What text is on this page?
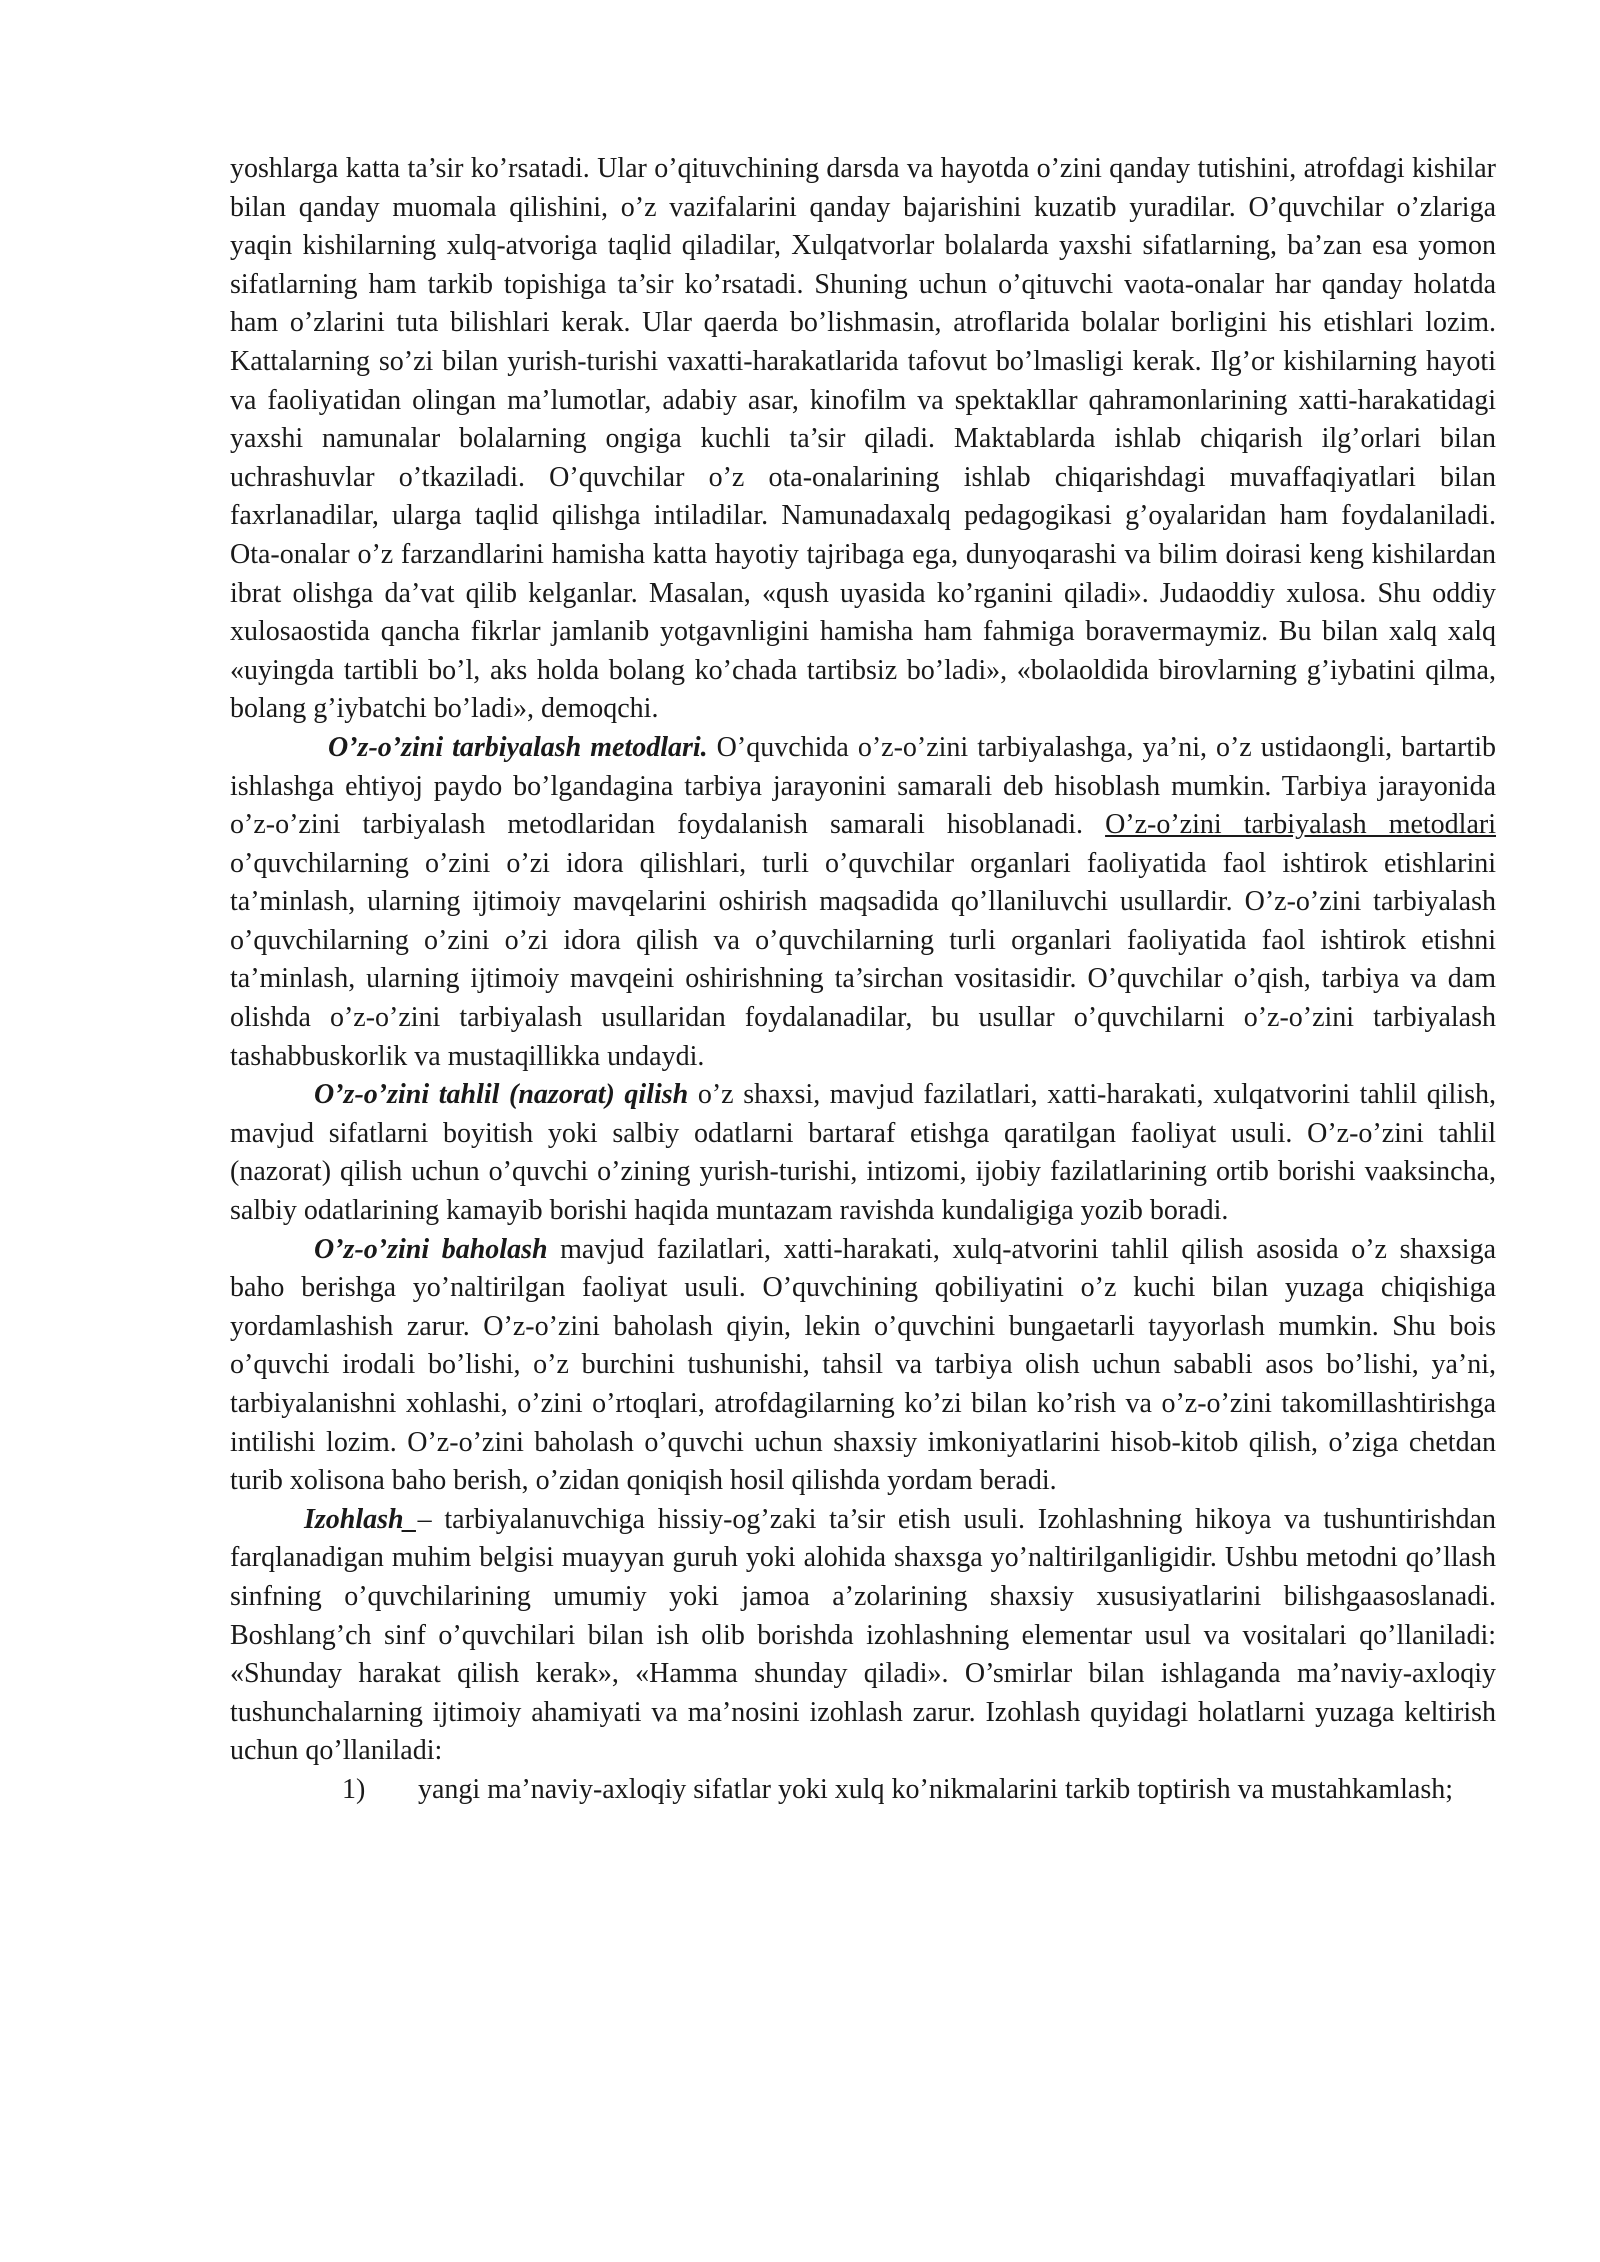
yoshlarga katta ta’sir ko’rsatadi. Ular o’qituvchining darsda va hayotda o’zini qanday tutishini, atrofdagi kishilar bilan qanday muomala qilishini, o’z vazifalarini qanday bajarishini kuzatib yuradilar. O’quvchilar o’zlariga yaqin kishilarning xulq-atvoriga taqlid qiladilar, Xulqatvorlar bolalarda yaxshi sifatlarning, ba’zan esa yomon sifatlarning ham tarkib topishiga ta’sir ko’rsatadi. Shuning uchun o’qituvchi vaota-onalar har qanday holatda ham o’zlarini tuta bilishlari kerak. Ular qaerda bo’lishmasin, atroflarida bolalar borligini his etishlari lozim. Kattalarning so’zi bilan yurish-turishi vaxatti-harakatlarida tafovut bo’lmasligi kerak. Ilg’or kishilarning hayoti va faoliyatidan olingan ma’lumotlar, adabiy asar, kinofilm va spektakllar qahramonlarining xatti-harakatidagi yaxshi namunalar bolalarning ongiga kuchli ta’sir qiladi. Maktablarda ishlab chiqarish ilg’orlari bilan uchrashuvlar o’tkaziladi. O’quvchilar o’z ota-onalarining ishlab chiqarishdagi muvaffaqiyatlari bilan faxrlanadilar, ularga taqlid qilishga intiladilar. Namunadaxalq pedagogikasi g’oyalaridan ham foydalaniladi. Ota-onalar o’z farzandlarini hamisha katta hayotiy tajribaga ega, dunyoqarashi va bilim doirasi keng kishilardan ibrat olishga da’vat qilib kelganlar. Masalan, «qush uyasida ko’rganini qiladi». Judaoddiy xulosa. Shu oddiy xulosaostida qancha fikrlar jamlanib yotgavnligini hamisha ham fahmiga boravermaymiz. Bu bilan xalq xalq «uyingda tartibli bo’l, aks holda bolang ko’chada tartibsiz bo’ladi», «bolaoldida birovlarning g’iybatini qilma, bolang g’iybatchi bo’ladi», demoqchi.

O’z-o’zini tarbiyalash metodlari. O’quvchida o’z-o’zini tarbiyalashga, ya’ni, o’z ustidaongli, bartartib ishlashga ehtiyoj paydo bo’lgandagina tarbiya jarayonini samarali deb hisoblash mumkin. Tarbiya jarayonida o’z-o’zini tarbiyalash metodlaridan foydalanish samarali hisoblanadi. O’z-o’zini tarbiyalash metodlari o’quvchilarning o’zini o’zi idora qilishlari, turli o’quvchilar organlari faoliyatida faol ishtirok etishlarini ta’minlash, ularning ijtimoiy mavqelarini oshirish maqsadida qo’llaniluvchi usullardir. O’z-o’zini tarbiyalash o’quvchilarning o’zini o’zi idora qilish va o’quvchilarning turli organlari faoliyatida faol ishtirok etishni ta’minlash, ularning ijtimoiy mavqeini oshirishning ta’sirchan vositasidir. O’quvchilar o’qish, tarbiya va dam olishda o’z-o’zini tarbiyalash usullaridan foydalanadilar, bu usullar o’quvchilarni o’z-o’zini tarbiyalash tashabbuskorlik va mustaqillikka undaydi.

O’z-o’zini tahlil (nazorat) qilish o’z shaxsi, mavjud fazilatlari, xatti-harakati, xulqatvorini tahlil qilish, mavjud sifatlarni boyitish yoki salbiy odatlarni bartaraf etishga qaratilgan faoliyat usuli. O’z-o’zini tahlil (nazorat) qilish uchun o’quvchi o’zining yurish-turishi, intizomi, ijobiy fazilatlarining ortib borishi vaaksincha, salbiy odatlarining kamayib borishi haqida muntazam ravishda kundaligiga yozib boradi.

O’z-o’zini baholash mavjud fazilatlari, xatti-harakati, xulq-atvorini tahlil qilish asosida o’z shaxsiga baho berishga yo’naltirilgan faoliyat usuli. O’quvchining qobiliyatini o’z kuchi bilan yuzaga chiqishiga yordamlashish zarur. O’z-o’zini baholash qiyin, lekin o’quvchini bungaetarli tayyorlash mumkin. Shu bois o’quvchi irodali bo’lishi, o’z burchini tushunishi, tahsil va tarbiya olish uchun sababli asos bo’lishi, ya’ni, tarbiyalanishni xohlashi, o’zini o’rtoqlari, atrofdagilarning ko’zi bilan ko’rish va o’z-o’zini takomillashtirishga intilishi lozim. O’z-o’zini baholash o’quvchi uchun shaxsiy imkoniyatlarini hisob-kitob qilish, o’ziga chetdan turib xolisona baho berish, o’zidan qoniqish hosil qilishda yordam beradi.

Izohlash_– tarbiyalanuvchiga hissiy-og’zaki ta’sir etish usuli. Izohlashning hikoya va tushuntirishdan farqlanadigan muhim belgisi muayyan guruh yoki alohida shaxsga yo’naltirilganligidir. Ushbu metodni qo’llash sinfning o’quvchilarining umumiy yoki jamoa a’zolarining shaxsiy xususiyatlarini bilishgaasoslanadi. Boshlang’ch sinf o’quvchilari bilan ish olib borishda izohlashning elementar usul va vositalari qo’llaniladi: «Shunday harakat qilish kerak», «Hamma shunday qiladi». O’smirlar bilan ishlaganda ma’naviy-axloqiy tushunchalarning ijtimoiy ahamiyati va ma’nosini izohlash zarur. Izohlash quyidagi holatlarni yuzaga keltirish uchun qo’llaniladi:

1) yangi ma’naviy-axloqiy sifatlar yoki xulq ko’nikmalarini tarkib toptirish va mustahkamlash;
